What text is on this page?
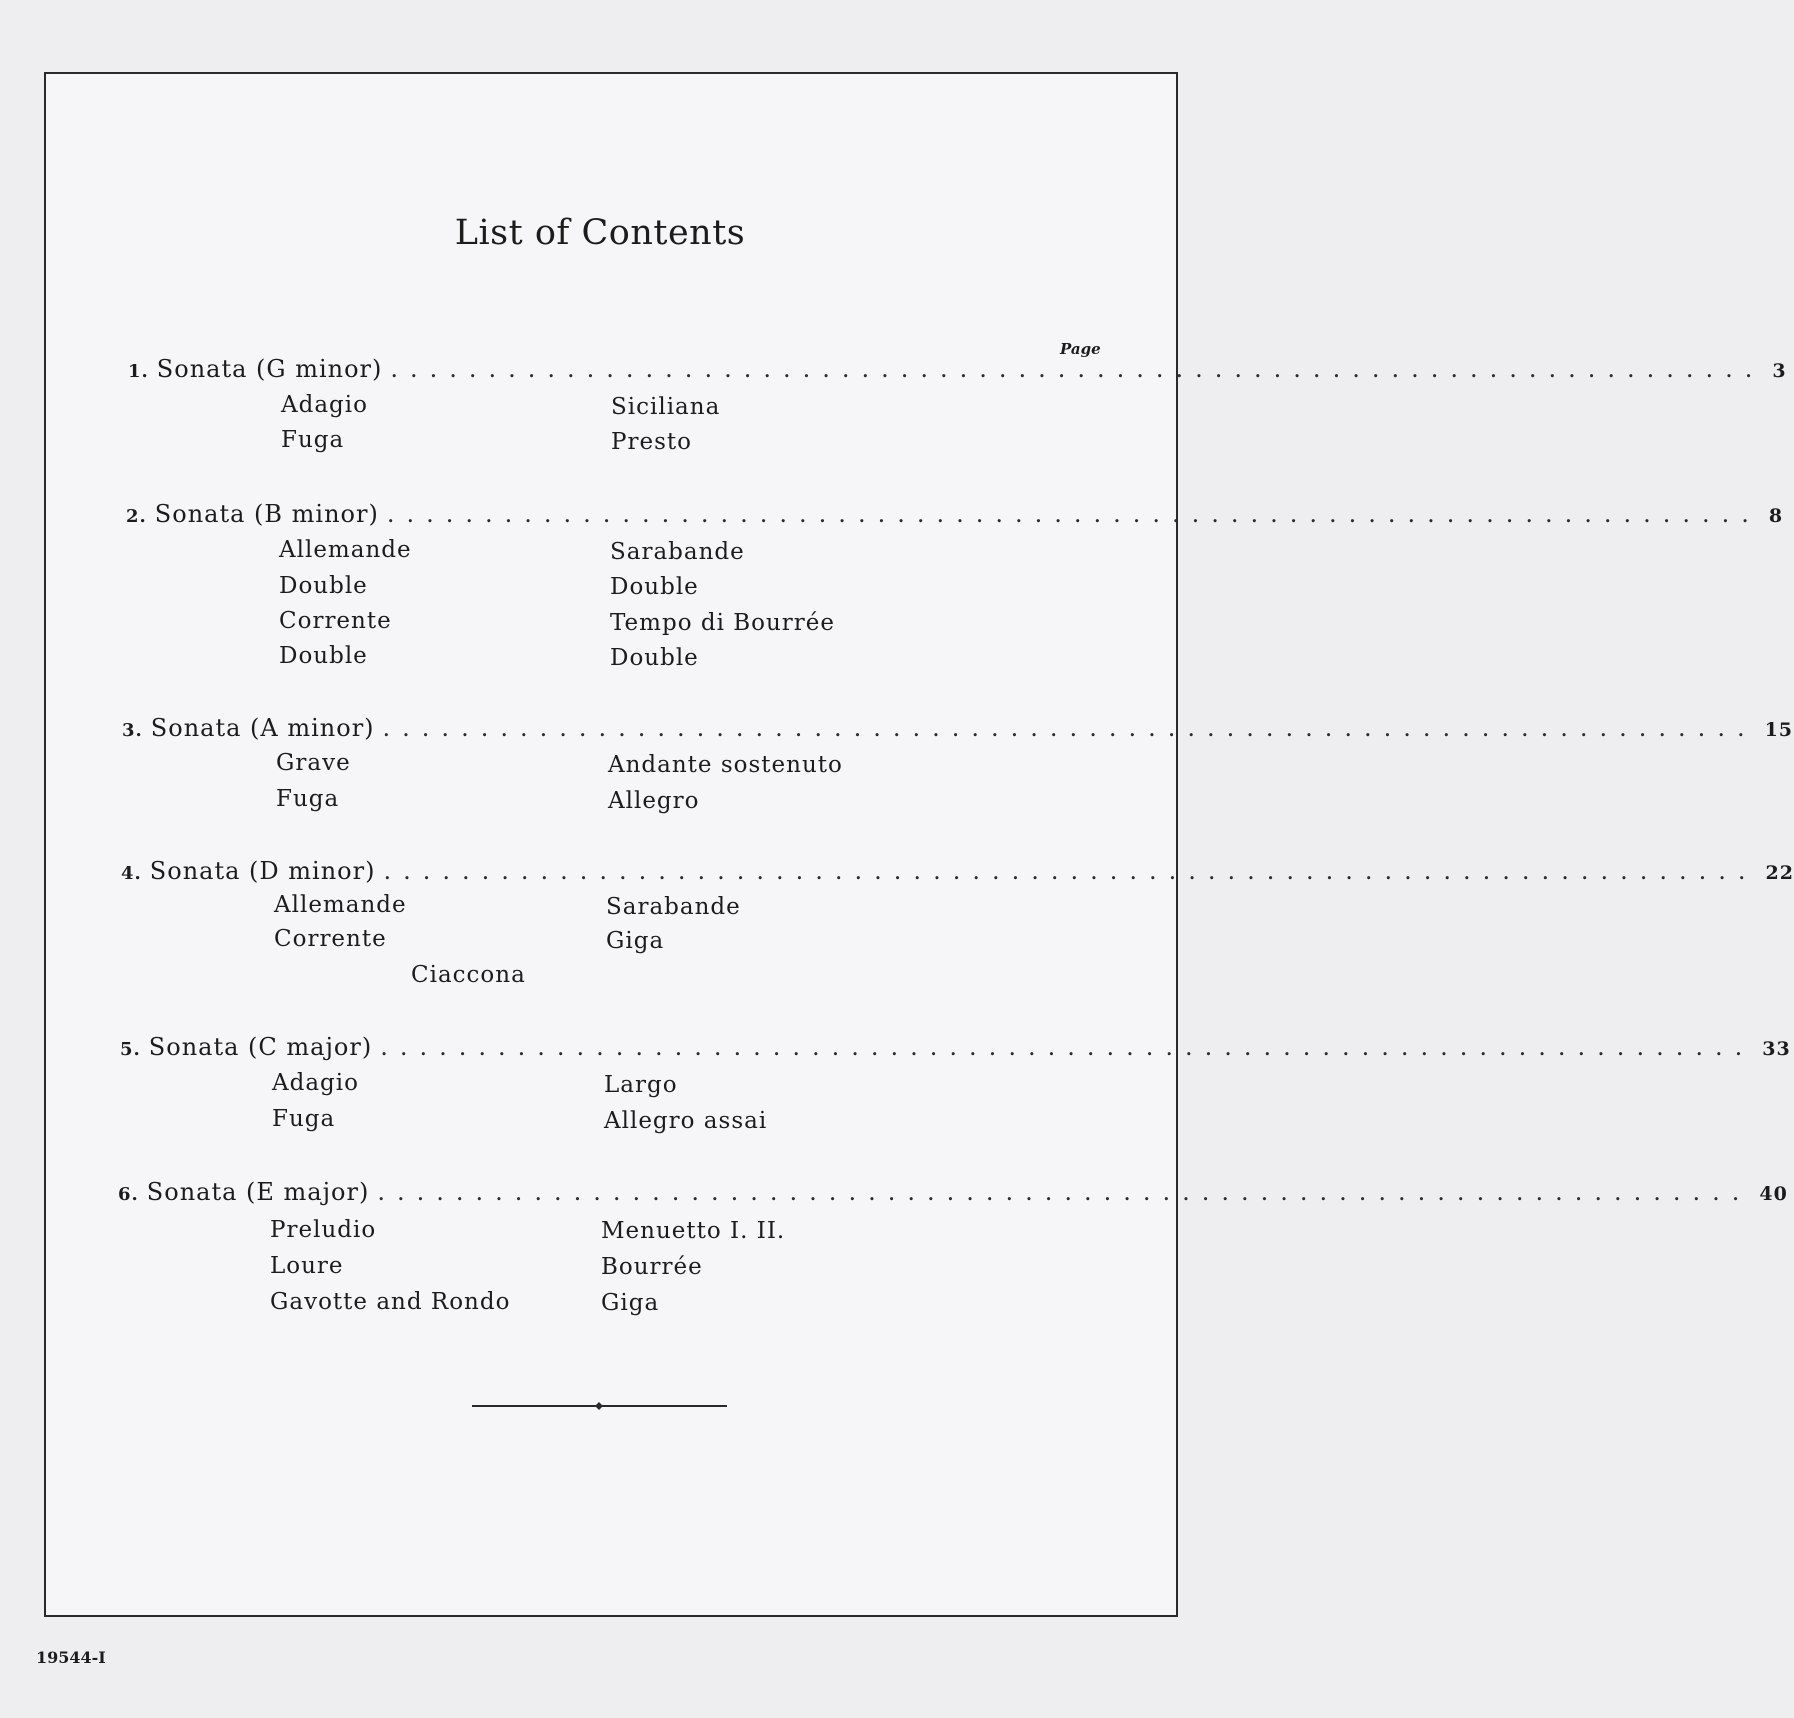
List of Contents
Page
1. Sonata (G minor) ...................................................................... 3
Adagio
Fuga
Siciliana
Presto
2. Sonata (B minor) ...................................................................... 8
Allemande
Double
Corrente
Double
Sarabande
Double
Tempo di Bourrée
Double
3. Sonata (A minor) ...................................................................... 15
Grave
Fuga
Andante sostenuto
Allegro
4. Sonata (D minor) ...................................................................... 22
Allemande
Corrente
Sarabande
Giga
Ciaccona
5. Sonata (C major) ...................................................................... 33
Adagio
Fuga
Largo
Allegro assai
6. Sonata (E major) ...................................................................... 40
Preludio
Loure
Gavotte and Rondo
Menuetto I. II.
Bourrée
Giga
19544-I
